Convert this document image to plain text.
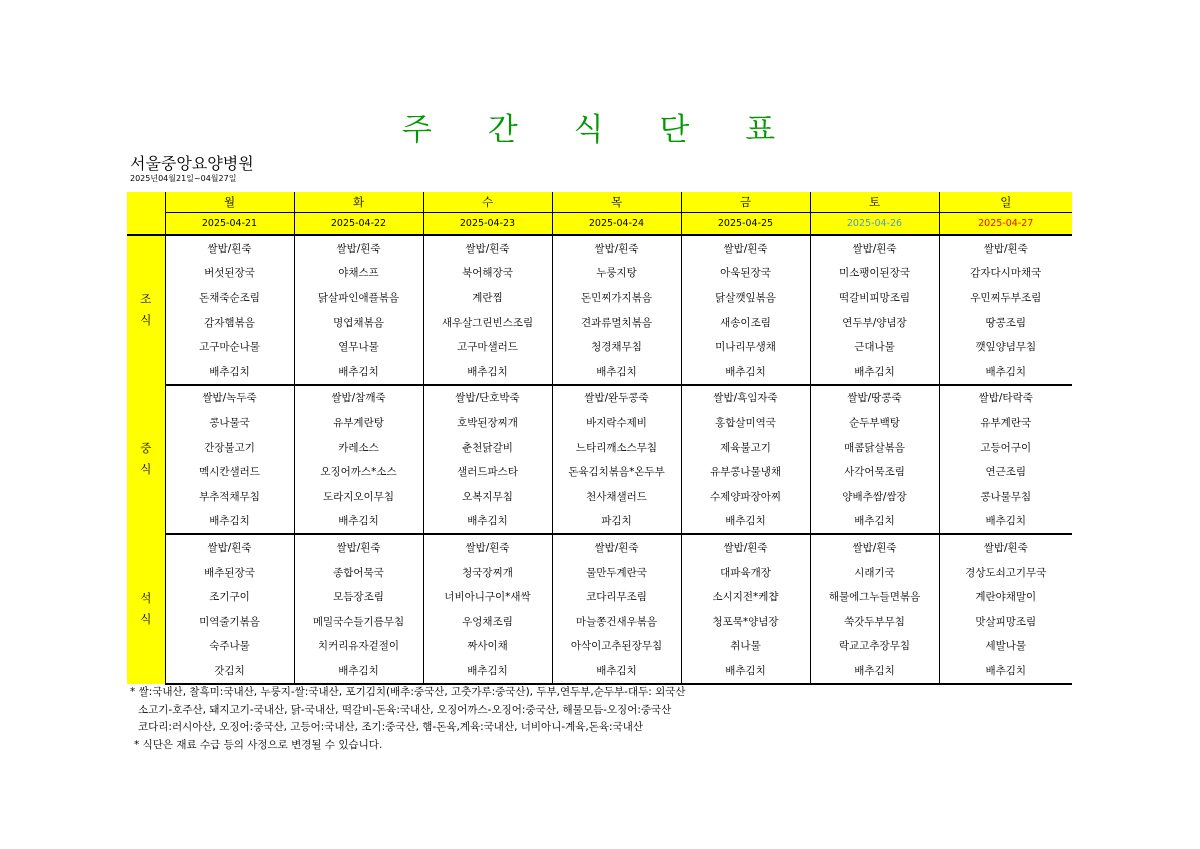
주 간 식 단 표
서울중앙요양병원
2025년04월21일~04월27일
	월	화	수	목	금	토	일
	2025-04-21	2025-04-22	2025-04-23	2025-04-24	2025-04-25	2025-04-26	2025-04-27
조
식	쌀밥/흰죽	쌀밥/흰죽	쌀밥/흰죽	쌀밥/흰죽	쌀밥/흰죽	쌀밥/흰죽	쌀밥/흰죽
	버섯된장국	야채스프	북어해장국	누룽지탕	아욱된장국	미소팽이된장국	감자다시마채국
	돈채죽순조림	닭살파인애플볶음	계란찜	돈민찌가지볶음	닭살깻잎볶음	떡갈비피망조림	우민찌두부조림
	감자햄볶음	명엽채볶음	새우살그린빈스조림	견과류멸치볶음	새송이조림	연두부/양념장	땅콩조림
	고구마순나물	열무나물	고구마샐러드	청경채무침	미나리무생채	근대나물	깻잎양념무침
	배추김치	배추김치	배추김치	배추김치	배추김치	배추김치	배추김치
중
식	쌀밥/녹두죽	쌀밥/참깨죽	쌀밥/단호박죽	쌀밥/완두콩죽	쌀밥/흑임자죽	쌀밥/땅콩죽	쌀밥/타락죽
	콩나물국	유부계란탕	호박된장찌개	바지락수제비	홍합살미역국	순두부백탕	유부계란국
	간장불고기	카레소스	춘천닭갈비	느타리깨소스무침	제육불고기	매콤닭살볶음	고등어구이
	멕시칸샐러드	오징어까스*소스	샐러드파스타	돈육김치볶음*온두부	유부콩나물냉채	사각어묵조림	연근조림
	부추적채무침	도라지오이무침	오복지무침	천사채샐러드	수제양파장아찌	양배추쌈/쌈장	콩나물무침
	배추김치	배추김치	배추김치	파김치	배추김치	배추김치	배추김치
석
식	쌀밥/흰죽	쌀밥/흰죽	쌀밥/흰죽	쌀밥/흰죽	쌀밥/흰죽	쌀밥/흰죽	쌀밥/흰죽
	배추된장국	종합어묵국	청국장찌개	물만두계란국	대파육개장	시래기국	경상도쇠고기무국
	조기구이	모듬장조림	너비아니구이*새싹	코다리무조림	소시지전*케챱	해물에그누들면볶음	계란야채말이
	미역줄기볶음	메밀국수들기름무침	우엉채조림	마늘쫑건새우볶음	청포묵*양념장	쑥갓두부무침	맛살피망조림
	숙주나물	치커리유자겉절이	짜사이채	아삭이고추된장무침	취나물	락교고추장무침	세발나물
	갓김치	배추김치	배추김치	배추김치	배추김치	배추김치	배추김치
* 쌀:국내산, 찰흑미:국내산, 누룽지-쌀:국내산, 포기김치(배추:중국산, 고춧가루:중국산), 두부,연두부,순두부-대두: 외국산
소고기-호주산, 돼지고기-국내산, 닭-국내산, 떡갈비-돈육:국내산, 오징어까스-오징어:중국산, 해물모듬-오징어:중국산
코다리:러시아산, 오징어:중국산, 고등어:국내산, 조기:중국산, 햄-돈육,계육:국내산, 너비아니-계육,돈육:국내산
* 식단은 재료 수급 등의 사정으로 변경될 수 있습니다.
